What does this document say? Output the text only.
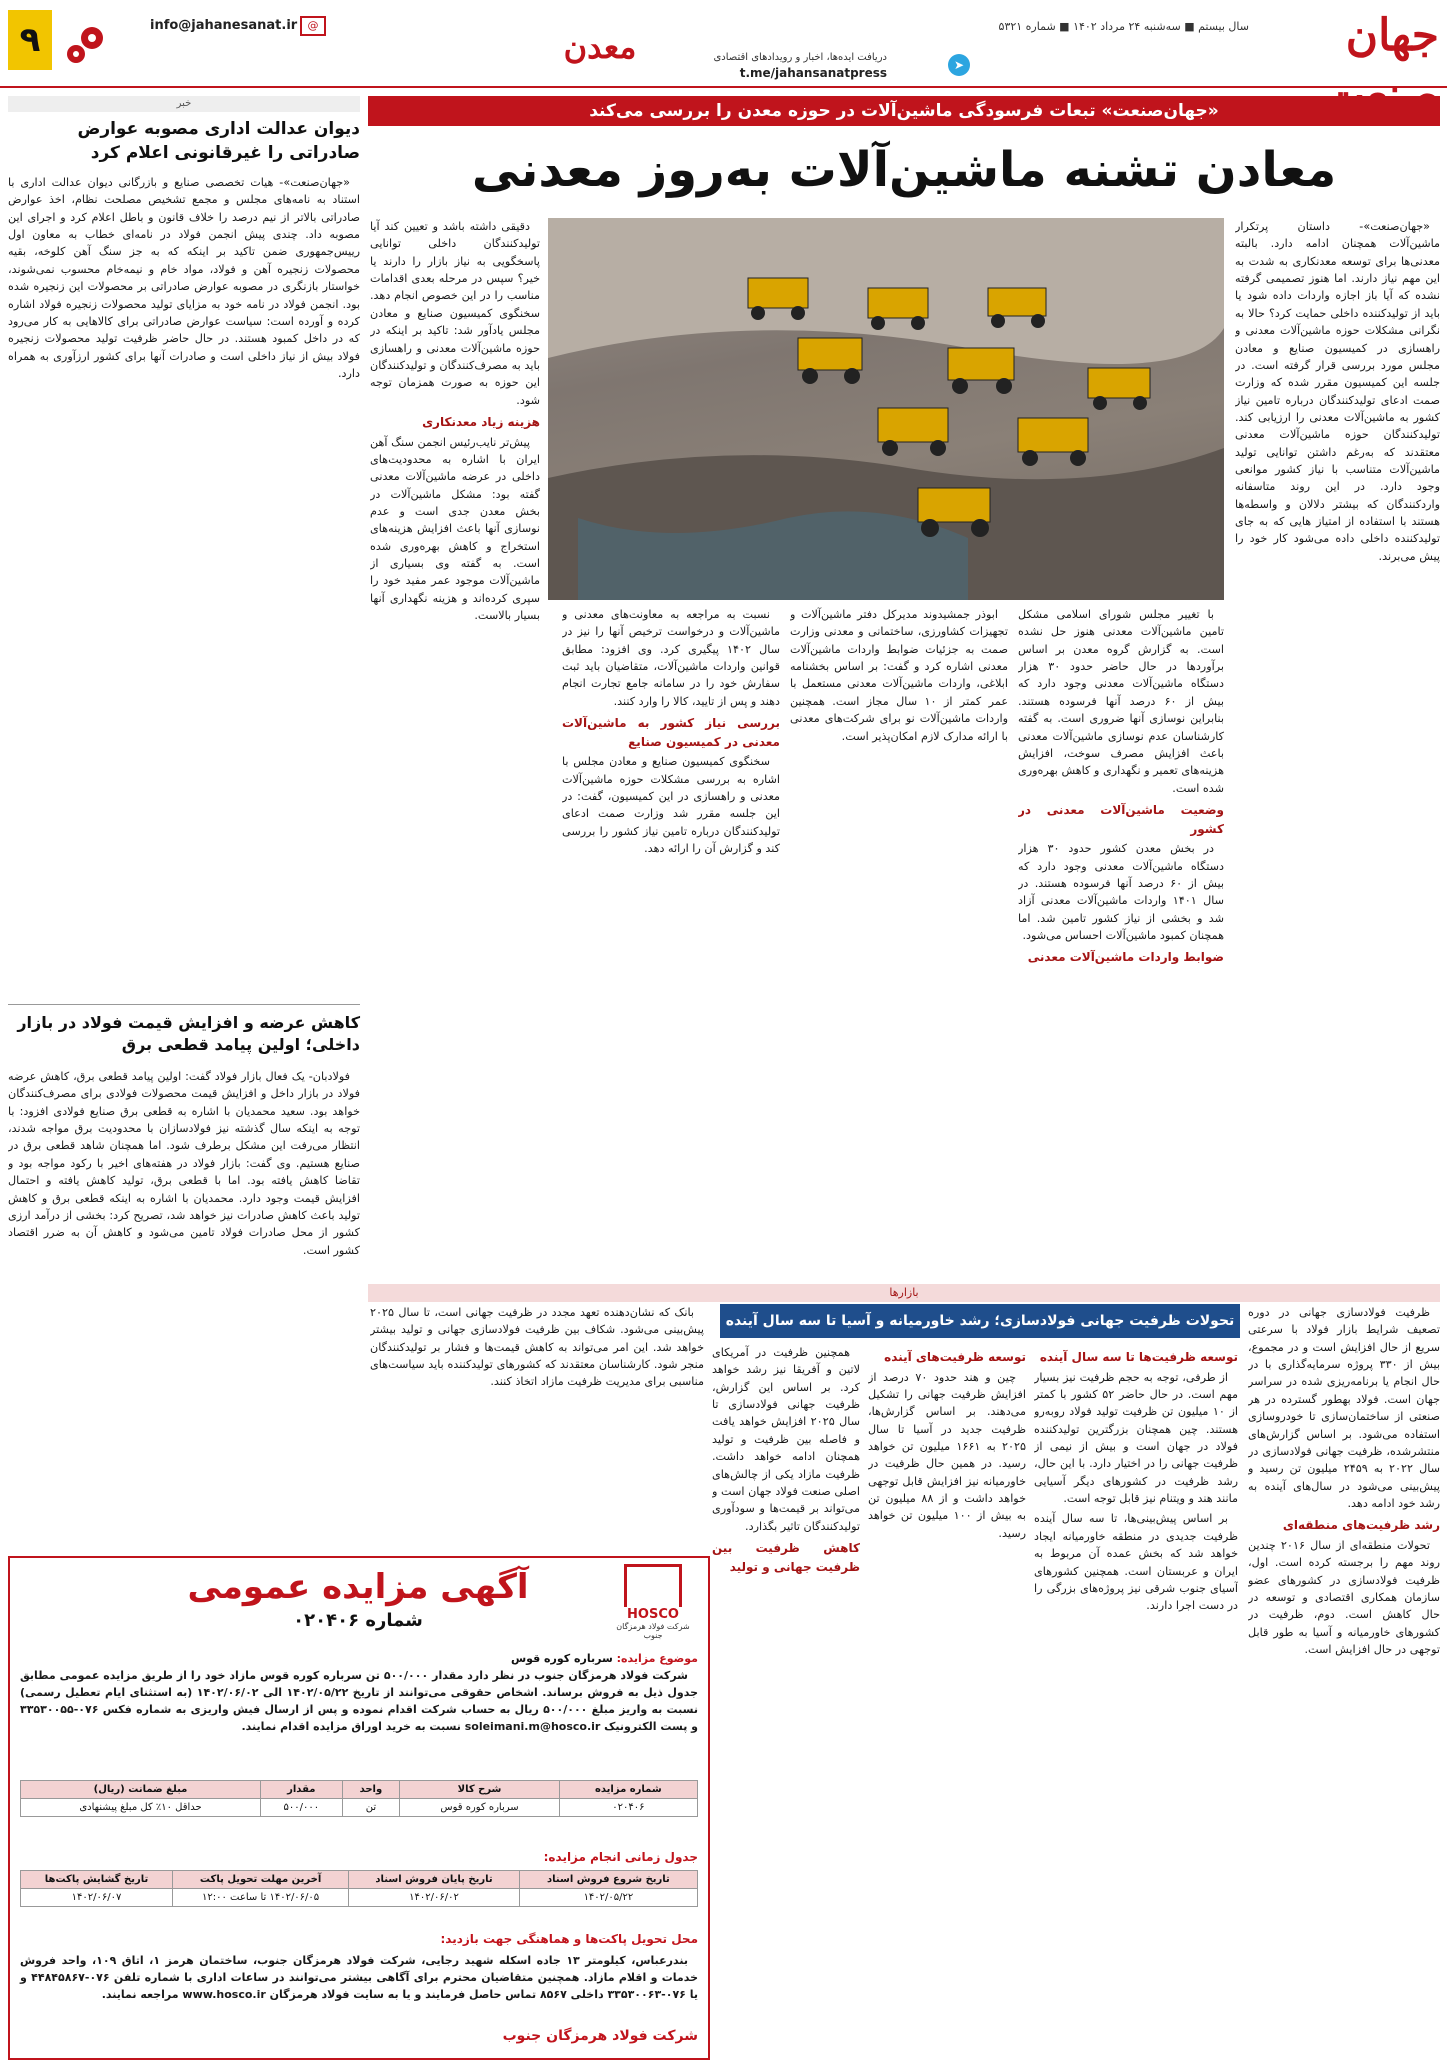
جهان
سال بیستم ■ سه‌شنبه ۲۴ مرداد ۱۴۰۲ ■ شماره ۵۳۲۱
دریافت ایده‌ها، اخبار و رویدادهای اقتصادی
t.me/jahansanatpress
➤
معدن
@
info@jahanesanat.ir
۹
«جهان‌صنعت» تبعات فرسودگی ماشین‌آلات در حوزه معدن را بررسی می‌کند
معادن تشنه ماشین‌آلات به‌روز معدنی

«جهان‌صنعت»- داستان پرتکرار ماشین‌آلات همچنان ادامه دارد. بالبته معدنی‌ها برای توسعه معدنکاری به شدت به این مهم نیاز دارند. اما هنوز تصمیمی گرفته نشده که آیا باز اجازه واردات داده شود یا باید از تولیدکننده داخلی حمایت کرد؟ حالا به نگرانی مشکلات حوزه ماشین‌آلات معدنی و راهسازی در کمیسیون صنایع و معادن مجلس مورد بررسی قرار گرفته است. در جلسه این کمیسیون مقرر شده که وزارت صمت ادعای تولیدکنندگان درباره تامین نیاز کشور به ماشین‌آلات معدنی را ارزیابی کند. تولیدکنندگان حوزه ماشین‌آلات معدنی معتقدند که به‌رغم داشتن توانایی تولید ماشین‌آلات متناسب با نیاز کشور موانعی وجود دارد. در این روند متاسفانه واردکنندگان که بیشتر دلالان و واسطه‌ها هستند با استفاده از امتیاز هایی که به جای تولیدکننده داخلی داده می‌شود کار خود را پیش می‌برند.

با تغییر مجلس شورای اسلامی مشکل تامین ماشین‌آلات معدنی هنوز حل نشده است. به گزارش گروه معدن بر اساس برآوردها در حال حاضر حدود ۳۰ هزار دستگاه ماشین‌آلات معدنی وجود دارد که بیش از ۶۰ درصد آنها فرسوده هستند. بنابراین نوسازی آنها ضروری است. به گفته کارشناسان عدم نوسازی ماشین‌آلات معدنی باعث افزایش مصرف سوخت، افزایش هزینه‌های تعمیر و نگهداری و کاهش بهره‌وری شده است.

وضعیت ماشین‌آلات معدنی در کشور

در بخش معدن کشور حدود ۳۰ هزار دستگاه ماشین‌آلات معدنی وجود دارد که بیش از ۶۰ درصد آنها فرسوده هستند. در سال ۱۴۰۱ واردات ماشین‌آلات معدنی آزاد شد و بخشی از نیاز کشور تامین شد. اما همچنان کمبود ماشین‌آلات احساس می‌شود.

ضوابط واردات ماشین‌آلات معدنی

ابوذر جمشیدوند مدیرکل دفتر ماشین‌آلات و تجهیزات کشاورزی، ساختمانی و معدنی وزارت صمت به جزئیات ضوابط واردات ماشین‌آلات معدنی اشاره کرد و گفت: بر اساس بخشنامه ابلاغی، واردات ماشین‌آلات معدنی مستعمل با عمر کمتر از ۱۰ سال مجاز است. همچنین واردات ماشین‌آلات نو برای شرکت‌های معدنی با ارائه مدارک لازم امکان‌پذیر است.

نسبت به مراجعه به معاونت‌های معدنی و ماشین‌آلات و درخواست ترخیص آنها را نیز در سال ۱۴۰۲ پیگیری کرد. وی افزود: مطابق قوانین واردات ماشین‌آلات، متقاضیان باید ثبت سفارش خود را در سامانه جامع تجارت انجام دهند و پس از تایید، کالا را وارد کنند.

بررسی نیاز کشور به ماشین‌آلات معدنی در کمیسیون صنایع

سخنگوی کمیسیون صنایع و معادن مجلس با اشاره به بررسی مشکلات حوزه ماشین‌آلات معدنی و راهسازی در این کمیسیون، گفت: در این جلسه مقرر شد وزارت صمت ادعای تولیدکنندگان درباره تامین نیاز کشور را بررسی کند و گزارش آن را ارائه دهد.

دقیقی داشته باشد و تعیین کند آیا تولیدکنندگان داخلی توانایی پاسخگویی به نیاز بازار را دارند یا خیر؟ سپس در مرحله بعدی اقدامات مناسب را در این خصوص انجام دهد. سخنگوی کمیسیون صنایع و معادن مجلس یادآور شد: تاکید بر اینکه در حوزه ماشین‌آلات معدنی و راهسازی باید به مصرف‌کنندگان و تولیدکنندگان این حوزه به صورت همزمان توجه شود.

هزینه زیاد معدنکاری

پیش‌تر نایب‌رئیس انجمن سنگ آهن ایران با اشاره به محدودیت‌های داخلی در عرضه ماشین‌آلات معدنی گفته بود: مشکل ماشین‌آلات در بخش معدن جدی است و عدم نوسازی آنها باعث افزایش هزینه‌های استخراج و کاهش بهره‌وری شده است. به گفته وی بسیاری از ماشین‌آلات موجود عمر مفید خود را سپری کرده‌اند و هزینه نگهداری آنها بسیار بالاست.

خبر
دیوان عدالت اداری مصوبه عوارض صادراتی را غیرقانونی اعلام کرد

«جهان‌صنعت»- هیات تخصصی صنایع و بازرگانی دیوان عدالت اداری با استناد به نامه‌های مجلس و مجمع تشخیص مصلحت نظام، اخذ عوارض صادراتی بالاتر از نیم درصد را خلاف قانون و باطل اعلام کرد و اجرای این مصوبه داد. چندی پیش انجمن فولاد در نامه‌ای خطاب به معاون اول رییس‌جمهوری ضمن تاکید بر اینکه که به جز سنگ آهن کلوخه، بقیه محصولات زنجیره آهن و فولاد، مواد خام و نیمه‌خام محسوب نمی‌شوند، خواستار بازنگری در مصوبه عوارض صادراتی بر محصولات این زنجیره شده بود. انجمن فولاد در نامه خود به مزایای تولید محصولات زنجیره فولاد اشاره کرده و آورده است: سیاست عوارض صادراتی برای کالاهایی به کار می‌رود که در داخل کمبود هستند. در حال حاضر ظرفیت تولید محصولات زنجیره فولاد بیش از نیاز داخلی است و صادرات آنها برای کشور ارزآوری به همراه دارد.

کاهش عرضه و افزایش قیمت فولاد در بازار داخلی؛ اولین پیامد قطعی برق

فولادبان- یک فعال بازار فولاد گفت: اولین پیامد قطعی برق، کاهش عرضه فولاد در بازار داخل و افزایش قیمت محصولات فولادی برای مصرف‌کنندگان خواهد بود. سعید محمدیان با اشاره به قطعی برق صنایع فولادی افزود: با توجه به اینکه سال گذشته نیز فولادسازان با محدودیت برق مواجه شدند، انتظار می‌رفت این مشکل برطرف شود. اما همچنان شاهد قطعی برق در صنایع هستیم. وی گفت: بازار فولاد در هفته‌های اخیر با رکود مواجه بود و تقاضا کاهش یافته بود. اما با قطعی برق، تولید کاهش یافته و احتمال افزایش قیمت وجود دارد. محمدیان با اشاره به اینکه قطعی برق و کاهش تولید باعث کاهش صادرات نیز خواهد شد، تصریح کرد: بخشی از درآمد ارزی کشور از محل صادرات فولاد تامین می‌شود و کاهش آن به ضرر اقتصاد کشور است.

بازارها
تحولات ظرفیت جهانی فولادسازی؛ رشد خاورمیانه و آسیا تا سه سال آینده

ظرفیت فولادسازی جهانی در دوره تصعیف شرایط بازار فولاد با سرعتی سریع از حال افزایش است و در مجموع، بیش از ۳۳۰ پروژه سرمایه‌گذاری با در حال انجام یا برنامه‌ریزی شده در سراسر جهان است. فولاد بهطور گسترده در هر صنعتی از ساختمان‌سازی تا خودروسازی استفاده می‌شود. بر اساس گزارش‌های منتشرشده، ظرفیت جهانی فولادسازی در سال ۲۰۲۲ به ۲۴۵۹ میلیون تن رسید و پیش‌بینی می‌شود در سال‌های آینده به رشد خود ادامه دهد.

رشد ظرفیت‌های منطقه‌ای

تحولات منطقه‌ای از سال ۲۰۱۶ چندین روند مهم را برجسته کرده است. اول، ظرفیت فولادسازی در کشورهای عضو سازمان همکاری اقتصادی و توسعه در حال کاهش است. دوم، ظرفیت در کشورهای خاورمیانه و آسیا به طور قابل توجهی در حال افزایش است.

توسعه ظرفیت‌ها تا سه سال آینده

از طرفی، توجه به حجم ظرفیت نیز بسیار مهم است. در حال حاضر ۵۲ کشور با کمتر از ۱۰ میلیون تن ظرفیت تولید فولاد روبه‌رو هستند. چین همچنان بزرگترین تولیدکننده فولاد در جهان است و بیش از نیمی از ظرفیت جهانی را در اختیار دارد. با این حال، رشد ظرفیت در کشورهای دیگر آسیایی مانند هند و ویتنام نیز قابل توجه است.

بر اساس پیش‌بینی‌ها، تا سه سال آینده ظرفیت جدیدی در منطقه خاورمیانه ایجاد خواهد شد که بخش عمده آن مربوط به ایران و عربستان است. همچنین کشورهای آسیای جنوب شرقی نیز پروژه‌های بزرگی را در دست اجرا دارند.

توسعه ظرفیت‌های آینده

چین و هند حدود ۷۰ درصد از افزایش ظرفیت جهانی را تشکیل می‌دهند. بر اساس گزارش‌ها، ظرفیت جدید در آسیا تا سال ۲۰۲۵ به ۱۶۶۱ میلیون تن خواهد رسید. در همین حال ظرفیت در خاورمیانه نیز افزایش قابل توجهی خواهد داشت و از ۸۸ میلیون تن به بیش از ۱۰۰ میلیون تن خواهد رسید.

همچنین ظرفیت در آمریکای لاتین و آفریقا نیز رشد خواهد کرد. بر اساس این گزارش، ظرفیت جهانی فولادسازی تا سال ۲۰۲۵ افزایش خواهد یافت و فاصله بین ظرفیت و تولید همچنان ادامه خواهد داشت. ظرفیت مازاد یکی از چالش‌های اصلی صنعت فولاد جهان است و می‌تواند بر قیمت‌ها و سودآوری تولیدکنندگان تاثیر بگذارد.

کاهش ظرفیت بین ظرفیت جهانی و تولید

بانک که نشان‌دهنده تعهد مجدد در ظرفیت جهانی است، تا سال ۲۰۲۵ پیش‌بینی می‌شود. شکاف بین ظرفیت فولادسازی جهانی و تولید بیشتر خواهد شد. این امر می‌تواند به کاهش قیمت‌ها و فشار بر تولیدکنندگان منجر شود. کارشناسان معتقدند که کشورهای تولیدکننده باید سیاست‌های مناسبی برای مدیریت ظرفیت مازاد اتخاذ کنند.

HOSCO
شرکت فولاد هرمزگان جنوب
آگهی مزایده عمومی
شماره ۰۲۰۴۰۶
موضوع مزایده: سرباره کوره قوس

شرکت فولاد هرمزگان جنوب در نظر دارد مقدار ۵۰۰/۰۰۰ تن سرباره کوره قوس مازاد خود را از طریق مزایده عمومی مطابق جدول ذیل به فروش برساند. اشخاص حقوقی می‌توانند از تاریخ ۱۴۰۲/۰۵/۲۲ الی ۱۴۰۲/۰۶/۰۲ (به استثنای ایام تعطیل رسمی) نسبت به واریز مبلغ ۵۰۰/۰۰۰ ریال به حساب شرکت اقدام نموده و پس از ارسال فیش واریزی به شماره فکس ۰۷۶-۳۳۵۳۰۰۵۵ و پست الکترونیک soleimani.m@hosco.ir نسبت به خرید اوراق مزایده اقدام نمایند.

شماره مزایده	شرح کالا	واحد	مقدار	مبلغ ضمانت (ریال)
۰۲۰۴۰۶	سرباره کوره قوس	تن	۵۰۰/۰۰۰	حداقل ۱۰٪ کل مبلغ پیشنهادی
جدول زمانی انجام مزایده:
تاریخ شروع فروش اسناد	تاریخ پایان فروش اسناد	آخرین مهلت تحویل پاکت	تاریخ گشایش پاکت‌ها
۱۴۰۲/۰۵/۲۲	۱۴۰۲/۰۶/۰۲	۱۴۰۲/۰۶/۰۵ تا ساعت ۱۲:۰۰	۱۴۰۲/۰۶/۰۷
محل تحویل پاکت‌ها و هماهنگی جهت بازدید:

بندرعباس، کیلومتر ۱۳ جاده اسکله شهید رجایی، شرکت فولاد هرمزگان جنوب، ساختمان هرمز ۱، اتاق ۱۰۹، واحد فروش خدمات و اقلام مازاد. همچنین متقاضیان محترم برای آگاهی بیشتر می‌توانند در ساعات اداری با شماره تلفن ۰۷۶-۴۴۸۴۵۸۶۷ و یا ۰۷۶-۳۳۵۳۰۰۶۳ داخلی ۸۵۶۷ تماس حاصل فرمایند و یا به سایت فولاد هرمزگان www.hosco.ir مراجعه نمایند.

شرکت فولاد هرمزگان جنوب
